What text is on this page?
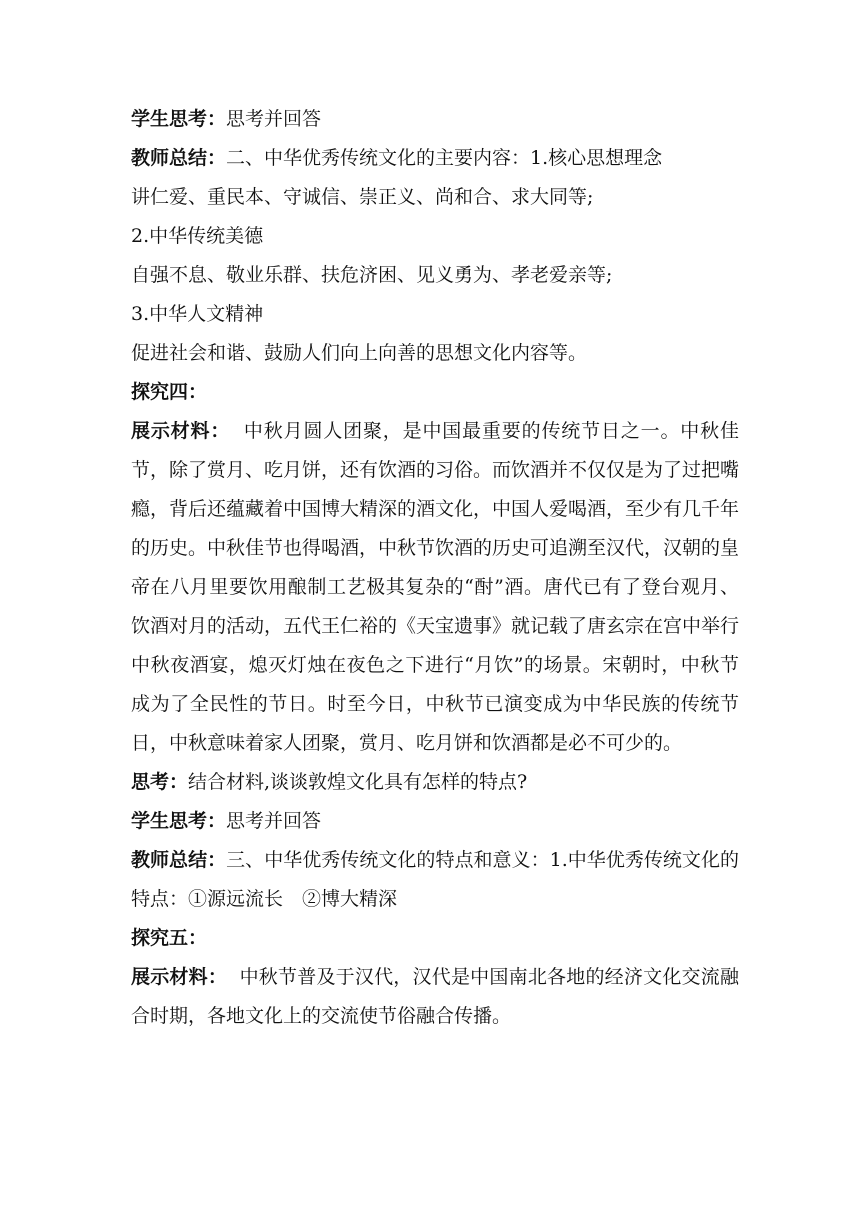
学生思考：思考并回答
教师总结：二、中华优秀传统文化的主要内容：1.核心思想理念
讲仁爱、重民本、守诚信、崇正义、尚和合、求大同等;
2.中华传统美德
自强不息、敬业乐群、扶危济困、见义勇为、孝老爱亲等;
3.中华人文精神
促进社会和谐、鼓励人们向上向善的思想文化内容等。
探究四：
展示材料：  中秋月圆人团聚，是中国最重要的传统节日之一。中秋佳节，除了赏月、吃月饼，还有饮酒的习俗。而饮酒并不仅仅是为了过把嘴瘾，背后还蕴藏着中国博大精深的酒文化，中国人爱喝酒，至少有几千年的历史。中秋佳节也得喝酒，中秋节饮酒的历史可追溯至汉代，汉朝的皇帝在八月里要饮用酿制工艺极其复杂的“酎”酒。唐代已有了登台观月、饮酒对月的活动，五代王仁裕的《天宝遗事》就记载了唐玄宗在宫中举行中秋夜酒宴，熄灭灯烛在夜色之下进行“月饮”的场景。宋朝时，中秋节成为了全民性的节日。时至今日，中秋节已演变成为中华民族的传统节日，中秋意味着家人团聚，赏月、吃月饼和饮酒都是必不可少的。
思考：结合材料,谈谈敦煌文化具有怎样的特点?
学生思考：思考并回答
教师总结：三、中华优秀传统文化的特点和意义：1.中华优秀传统文化的特点：①源远流长　②博大精深
探究五：
展示材料：  中秋节普及于汉代，汉代是中国南北各地的经济文化交流融合时期，各地文化上的交流使节俗融合传播。
